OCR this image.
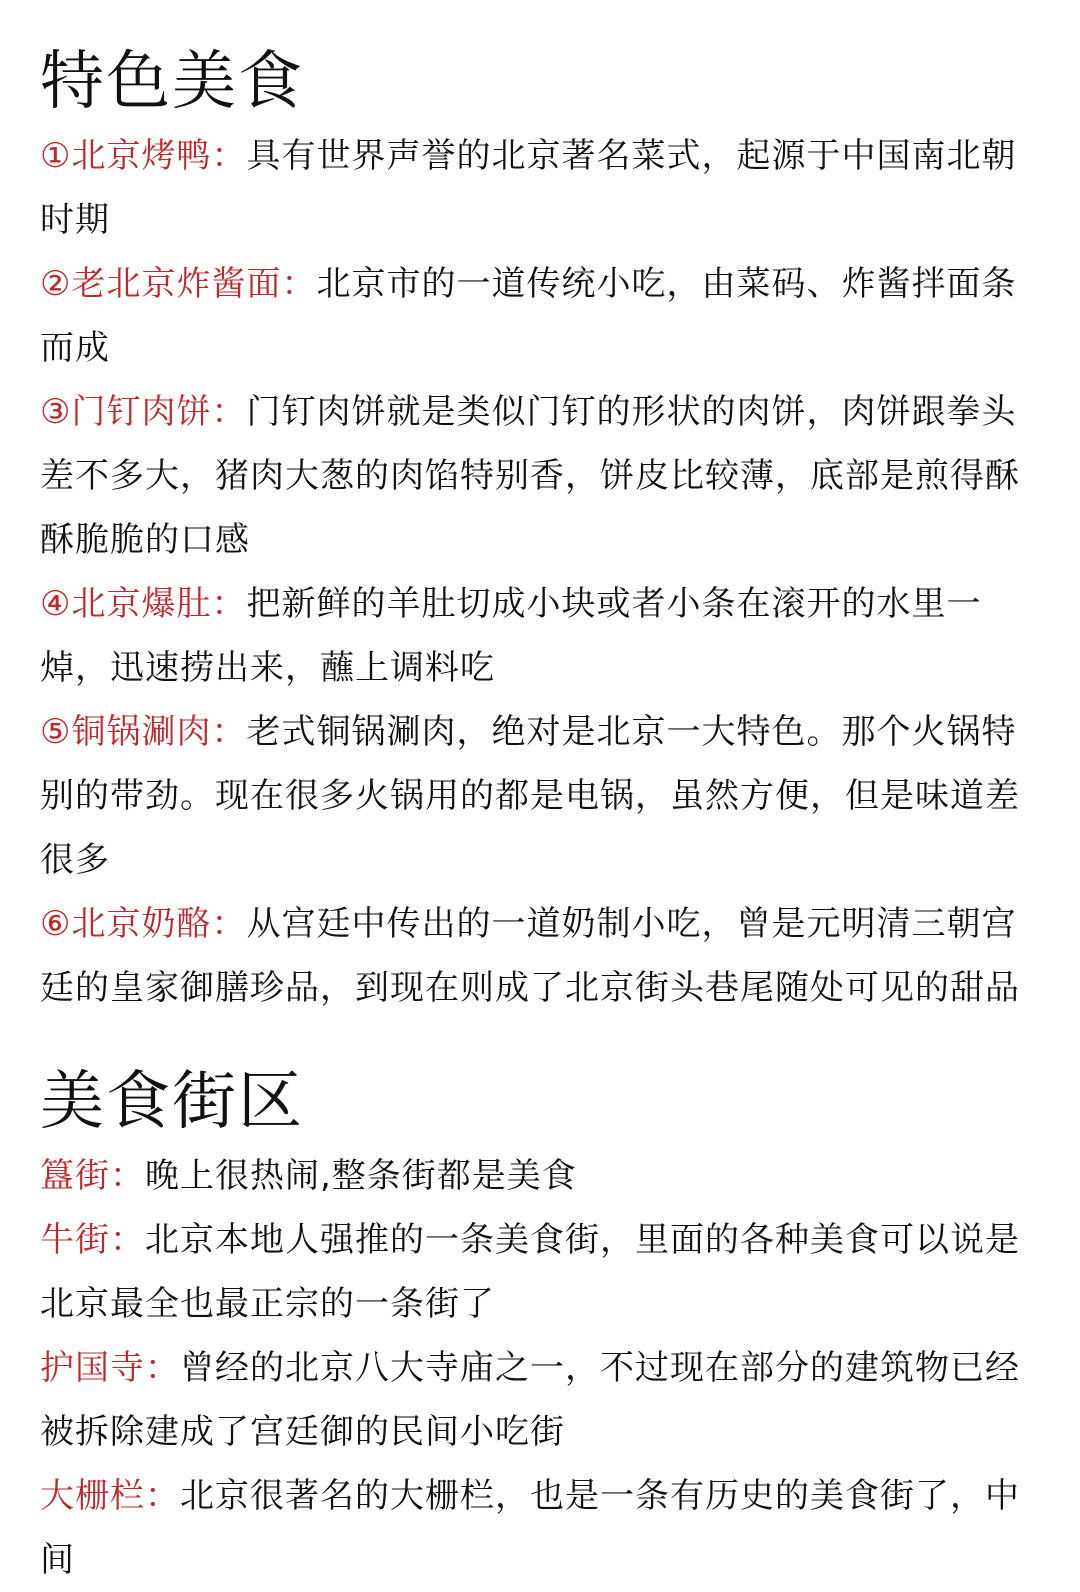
特色美食

①北京烤鸭：具有世界声誉的北京著名菜式，起源于中国南北朝时期

②老北京炸酱面：北京市的一道传统小吃，由菜码、炸酱拌面条而成

③门钉肉饼：门钉肉饼就是类似门钉的形状的肉饼，肉饼跟拳头差不多大，猪肉大葱的肉馅特别香，饼皮比较薄，底部是煎得酥酥脆脆的口感

④北京爆肚：把新鲜的羊肚切成小块或者小条在滚开的水里一焯，迅速捞出来，蘸上调料吃

⑤铜锅涮肉：老式铜锅涮肉，绝对是北京一大特色。那个火锅特别的带劲。现在很多火锅用的都是电锅，虽然方便，但是味道差很多

⑥北京奶酪：从宫廷中传出的一道奶制小吃，曾是元明清三朝宫廷的皇家御膳珍品，到现在则成了北京街头巷尾随处可见的甜品

美食街区

簋街：晚上很热闹,整条街都是美食

牛街：北京本地人强推的一条美食街，里面的各种美食可以说是北京最全也最正宗的一条街了

护国寺：曾经的北京八大寺庙之一，不过现在部分的建筑物已经被拆除建成了宫廷御的民间小吃街

大栅栏：北京很著名的大栅栏，也是一条有历史的美食街了，中间
